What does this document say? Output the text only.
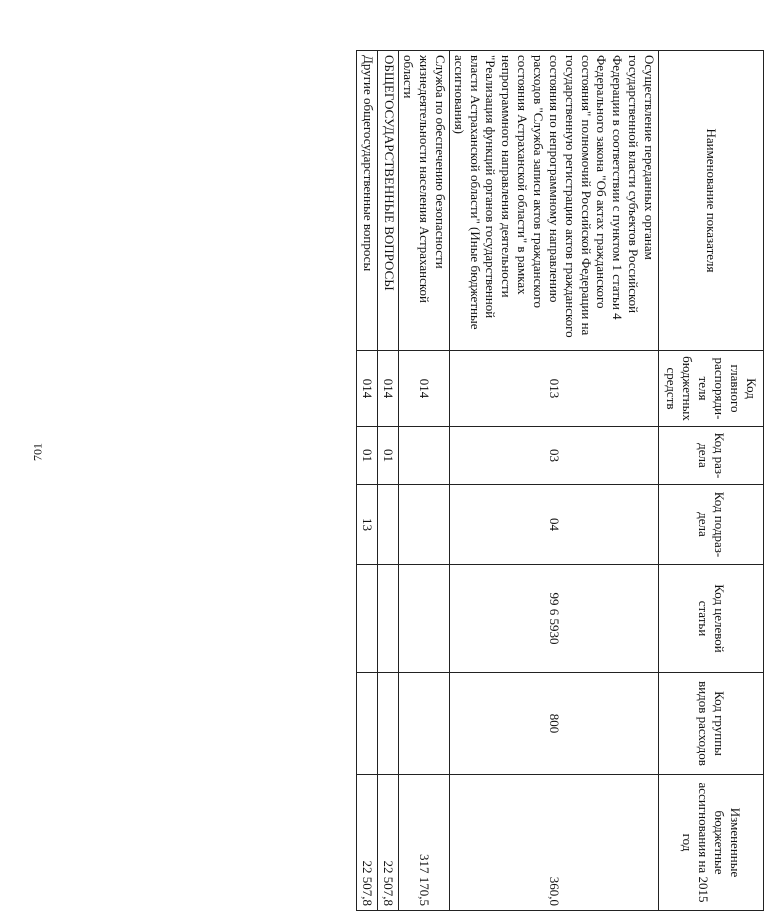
701
Наименование показателя	Код главного распоряди- теля бюджетных средств	Код раз- дела	Код подраз- дела	Код целевой статьи	Код группы видов расходов	Измененные бюджетные ассигнования на 2015 год
Осуществление переданных органам государственной власти субъектов Российской Федерации в соответствии с пунктом 1 статьи 4 Федерального закона "Об актах гражданского состояния" полномочий Российской Федерации на государственную регистрацию актов гражданского состояния по непрограммному направлению расходов "Служба записи актов гражданского состояния Астраханской области" в рамках непрограммного направления деятельности "Реализация функций органов государственной власти Астраханской области" (Иные бюджетные ассигнования)	013	03	04	99 6 5930	800	360,0
Служба по обеспечению безопасности жизнедеятельности населения Астраханской области	014					317 170,5
ОБЩЕГОСУДАРСТВЕННЫЕ ВОПРОСЫ	014	01				22 507,8
Другие общегосударственные вопросы	014	01	13			22 507,8
